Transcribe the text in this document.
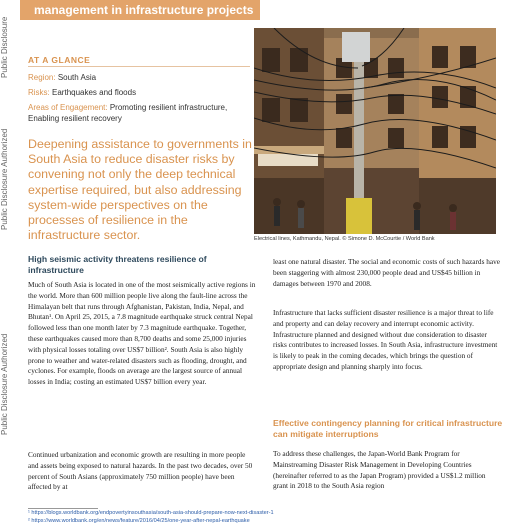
Public Disclosure
Public Disclosure Authorized
Public Disclosure Authorized
management in infrastructure projects
AT A GLANCE
Region: South Asia
Risks: Earthquakes and floods
Areas of Engagement: Promoting resilient infrastructure, Enabling resilient recovery
Deepening assistance to governments in South Asia to reduce disaster risks by convening not only the deep technical expertise required, but also addressing system-wide perspectives on the processes of resilience in the infrastructure sector.	Electrical lines, Kathmandu, Nepal. © Simone D. McCourtie / World Bank
High seismic activity threatens resilience of infrastructure
Much of South Asia is located in one of the most seismically active regions in the world. More than 600 million people live along the fault-line across the Himalayan belt that runs through Afghanistan, Pakistan, India, Nepal, and Bhutan¹. On April 25, 2015, a 7.8 magnitude earthquake struck central Nepal followed less than one month later by 7.3 magnitude earthquake. Together, these earthquakes caused more than 8,700 deaths and some 25,000 injuries with physical losses totaling over US$7 billion². South Asia is also highly prone to weather and water-related disasters such as flooding, drought, and cyclones. For example, floods on average are the largest source of annual losses in India; costing an estimated US$7 billion every year.
Continued urbanization and economic growth are resulting in more people and assets being exposed to natural hazards. In the past two decades, over 50 percent of South Asians (approximately 750 million people) have been affected by at
least one natural disaster. The social and economic costs of such hazards have been staggering with almost 230,000 people dead and US$45 billion in damages between 1970 and 2008.
Infrastructure that lacks sufficient disaster resilience is a major threat to life and property and can delay recovery and interrupt economic activity. Infrastructure planned and designed without due consideration to disaster risks contributes to increased losses. In South Asia, infrastructure investment is likely to peak in the coming decades, which brings the question of appropriate design and planning sharply into focus.
Effective contingency planning for critical infrastructure can mitigate interruptions
To address these challenges, the Japan-World Bank Program for Mainstreaming Disaster Risk Management in Developing Countries (hereinafter referred to as the Japan Program) provided a US$1.2 million grant in 2018 to the South Asia region
¹ https://blogs.worldbank.org/endpovertyinsouthasia/south-asia-should-prepare-now-next-disaster-1
² https://www.worldbank.org/en/news/feature/2016/04/25/one-year-after-nepal-earthquake
